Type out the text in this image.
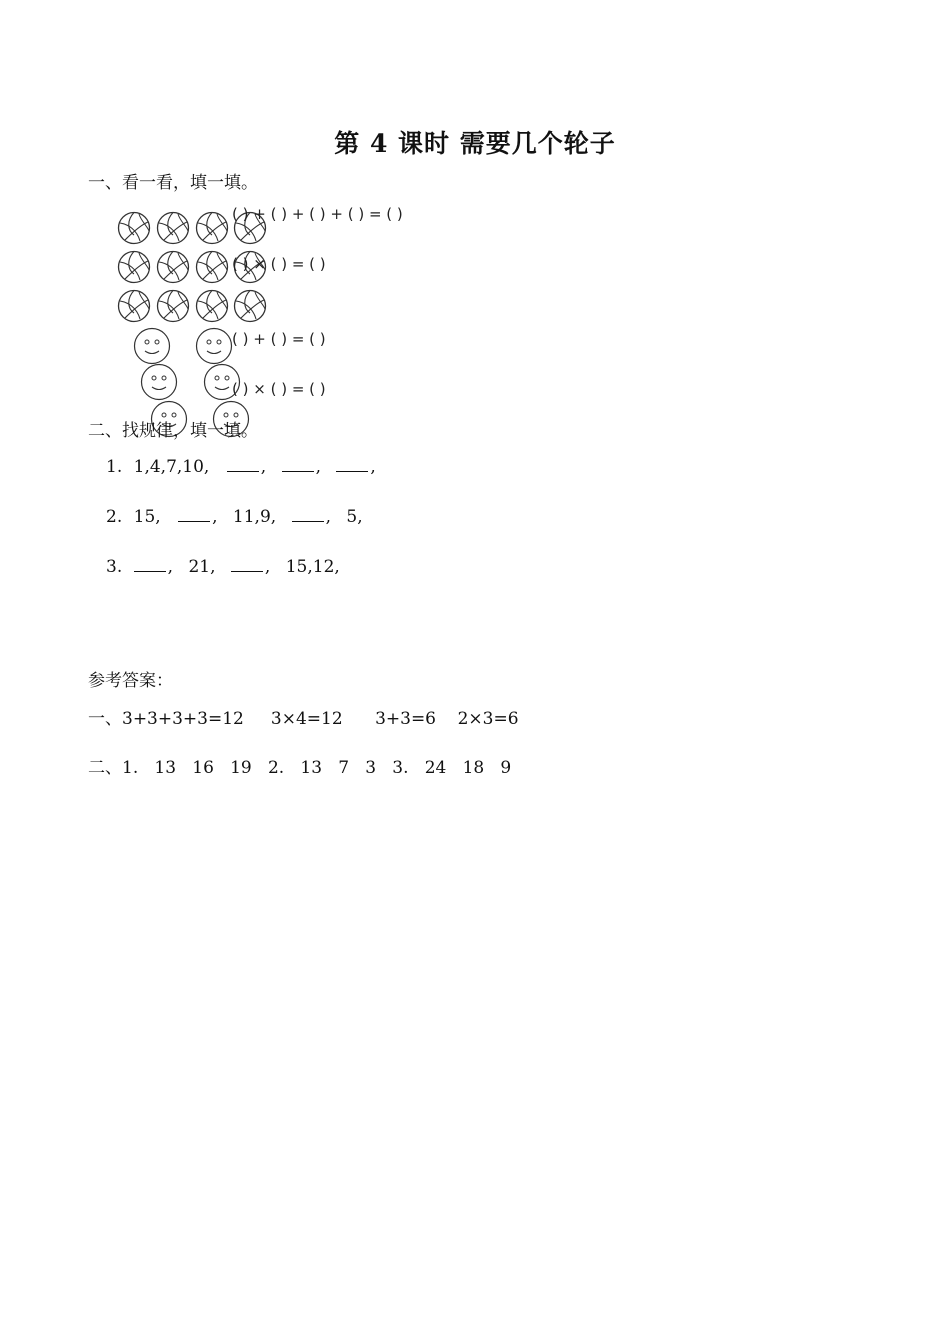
第 4 课时 需要几个轮子
一、看一看，填一填。
( ) + ( ) + ( ) + ( ) = ( )
( ) × ( ) = ( )
( ) + ( ) = ( )
( ) × ( ) = ( )
二、找规律，填一填。
1. 1,4,7,10,	,	,	,
2. 15,	, 11,9,	, 5,
3.	, 21,	, 15,12,
参考答案：
一、3+3+3+3=12     3×4=12      3+3=6    2×3=6
二、1.   13   16   19   2.   13   7   3   3.   24   18   9
